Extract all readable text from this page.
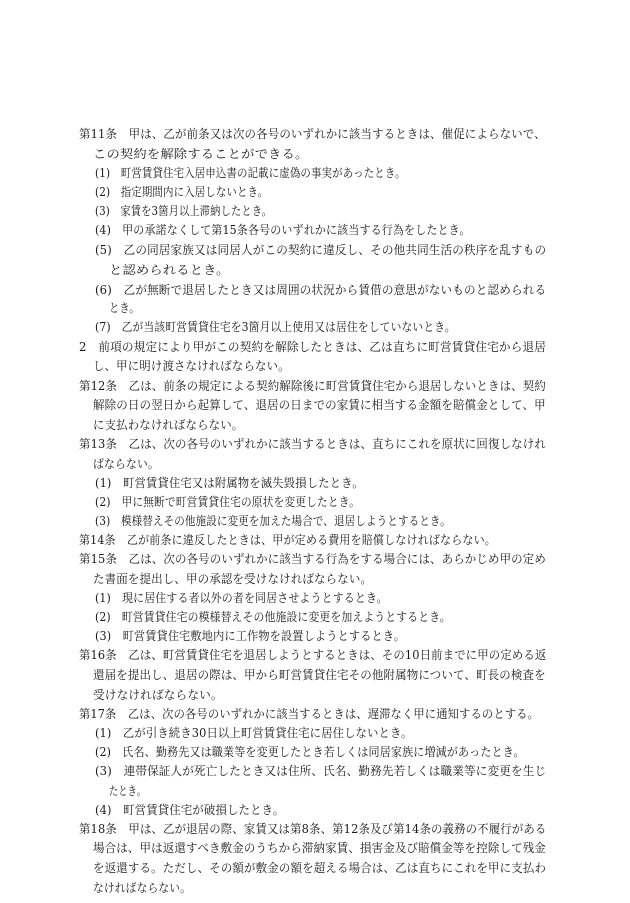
第11条　甲は、乙が前条又は次の各号のいずれかに該当するときは、催促によらないで、
この契約を解除することができる。
(1)　町営賃貸住宅入居申込書の記載に虚偽の事実があったとき。
(2)　指定期間内に入居しないとき。
(3)　家賃を3箇月以上滞納したとき。
(4)　甲の承諾なくして第15条各号のいずれかに該当する行為をしたとき。
(5)　乙の同居家族又は同居人がこの契約に違反し、その他共同生活の秩序を乱すもの
と認められるとき。
(6)　乙が無断で退居したとき又は周囲の状況から賃借の意思がないものと認められる
とき。
(7)　乙が当該町営賃貸住宅を3箇月以上使用又は居住をしていないとき。
2　前項の規定により甲がこの契約を解除したときは、乙は直ちに町営賃貸住宅から退居
し、甲に明け渡さなければならない。
第12条　乙は、前条の規定による契約解除後に町営賃貸住宅から退居しないときは、契約
解除の日の翌日から起算して、退居の日までの家賃に相当する金額を賠償金として、甲
に支払わなければならない。
第13条　乙は、次の各号のいずれかに該当するときは、直ちにこれを原状に回復しなけれ
ばならない。
(1)　町営賃貸住宅又は附属物を滅失毀損したとき。
(2)　甲に無断で町営賃貸住宅の原状を変更したとき。
(3)　模様替えその他施設に変更を加えた場合で、退居しようとするとき。
第14条　乙が前条に違反したときは、甲が定める費用を賠償しなければならない。
第15条　乙は、次の各号のいずれかに該当する行為をする場合には、あらかじめ甲の定め
た書面を提出し、甲の承認を受けなければならない。
(1)　現に居住する者以外の者を同居させようとするとき。
(2)　町営賃貸住宅の模様替えその他施設に変更を加えようとするとき。
(3)　町営賃貸住宅敷地内に工作物を設置しようとするとき。
第16条　乙は、町営賃貸住宅を退居しようとするときは、その10日前までに甲の定める返
還届を提出し、退居の際は、甲から町営賃貸住宅その他附属物について、町長の検査を
受けなければならない。
第17条　乙は、次の各号のいずれかに該当するときは、遅滞なく甲に通知するのとする。
(1)　乙が引き続き30日以上町営賃貸住宅に居住しないとき。
(2)　氏名、勤務先又は職業等を変更したとき若しくは同居家族に増減があったとき。
(3)　連帯保証人が死亡したとき又は住所、氏名、勤務先若しくは職業等に変更を生じ
たとき。
(4)　町営賃貸住宅が破損したとき。
第18条　甲は、乙が退居の際、家賃又は第8条、第12条及び第14条の義務の不履行がある
場合は、甲は返還すべき敷金のうちから滞納家賃、損害金及び賠償金等を控除して残金
を返還する。ただし、その額が敷金の額を超える場合は、乙は直ちにこれを甲に支払わ
なければならない。
